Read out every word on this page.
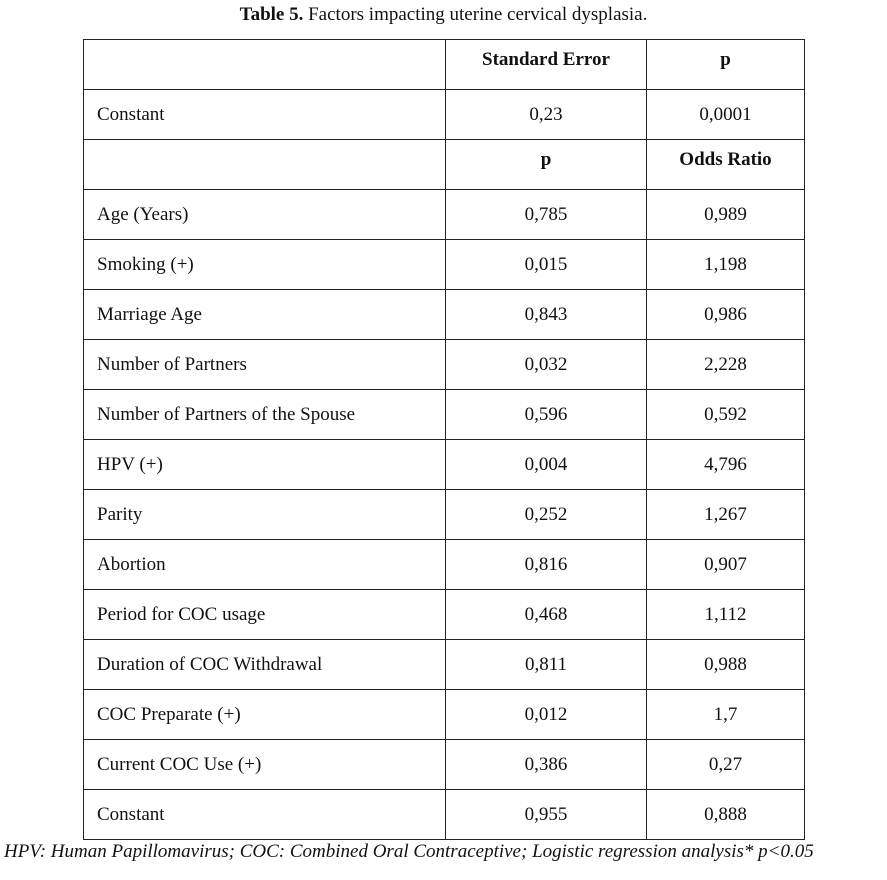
Table 5. Factors impacting uterine cervical dysplasia.
	Standard Error	p
Constant	0,23	0,0001
	p	Odds Ratio
Age (Years)	0,785	0,989
Smoking (+)	0,015	1,198
Marriage Age	0,843	0,986
Number of Partners	0,032	2,228
Number of Partners of the Spouse	0,596	0,592
HPV (+)	0,004	4,796
Parity	0,252	1,267
Abortion	0,816	0,907
Period for COC usage	0,468	1,112
Duration of COC Withdrawal	0,811	0,988
COC Preparate (+)	0,012	1,7
Current COC Use (+)	0,386	0,27
Constant	0,955	0,888
HPV: Human Papillomavirus; COC: Combined Oral Contraceptive; Logistic regression analysis* p<0.05
